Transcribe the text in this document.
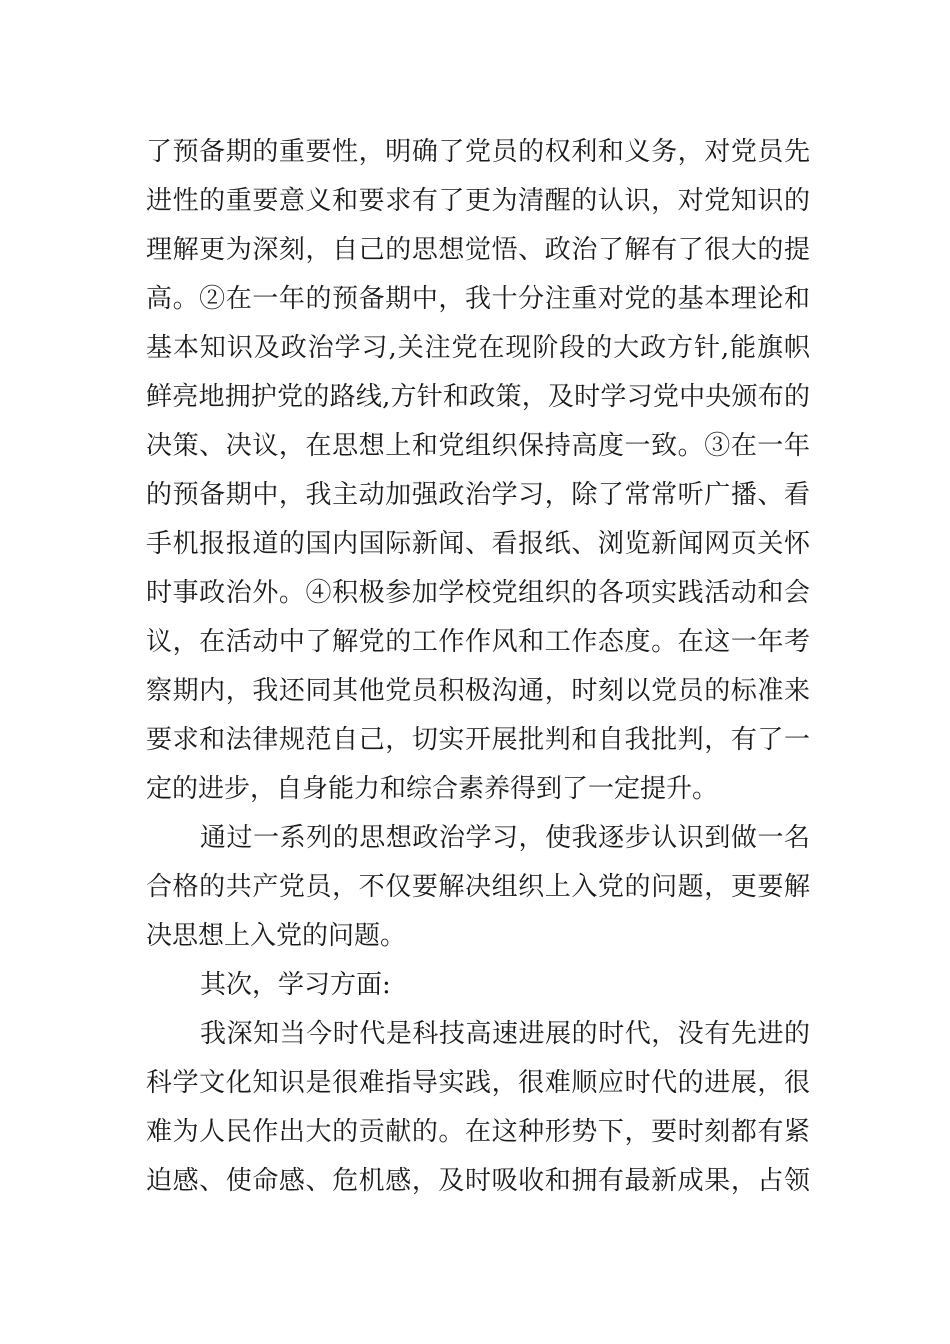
了预备期的重要性，明确了党员的权利和义务，对党员先
进性的重要意义和要求有了更为清醒的认识，对党知识的
理解更为深刻，自己的思想觉悟、政治了解有了很大的提
高。②在一年的预备期中，我十分注重对党的基本理论和
基本知识及政治学习,关注党在现阶段的大政方针,能旗帜
鲜亮地拥护党的路线,方针和政策，及时学习党中央颁布的
决策、决议，在思想上和党组织保持高度一致。③在一年
的预备期中，我主动加强政治学习，除了常常听广播、看
手机报报道的国内国际新闻、看报纸、浏览新闻网页关怀
时事政治外。④积极参加学校党组织的各项实践活动和会
议，在活动中了解党的工作作风和工作态度。在这一年考
察期内，我还同其他党员积极沟通，时刻以党员的标准来
要求和法律规范自己，切实开展批判和自我批判，有了一
定的进步，自身能力和综合素养得到了一定提升。
通过一系列的思想政治学习，使我逐步认识到做一名
合格的共产党员，不仅要解决组织上入党的问题，更要解
决思想上入党的问题。
其次，学习方面:
我深知当今时代是科技高速进展的时代，没有先进的
科学文化知识是很难指导实践，很难顺应时代的进展，很
难为人民作出大的贡献的。在这种形势下，要时刻都有紧
迫感、使命感、危机感，及时吸收和拥有最新成果，占领
